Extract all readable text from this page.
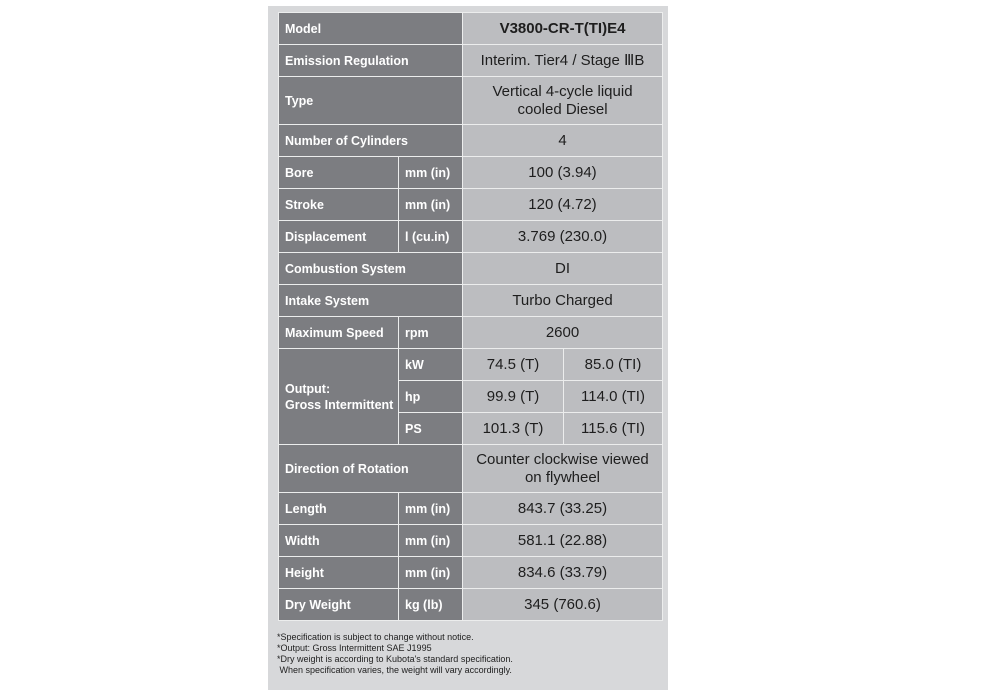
Model		V3800-CR-T(TI)E4	
Emission Regulation		Interim. Tier4 / Stage ⅢB	
Type		Vertical 4-cycle liquid
cooled Diesel	

Number of Cylinders		4	
Bore	mm (in)	100 (3.94)	
Stroke	mm (in)	120 (4.72)	
Displacement	l (cu.in)	3.769 (230.0)	
Combustion System		DI	
Intake System		Turbo Charged	
Maximum Speed	rpm	2600	

Output:
Gross Intermittent	kW	74.5 (T)	85.0 (TI)
	hp	99.9 (T)	114.0 (TI)
	PS	101.3 (T)	115.6 (TI)
Direction of Rotation		Counter clockwise viewed
on flywheel	

Length	mm (in)	843.7 (33.25)	
Width	mm (in)	581.1 (22.88)	
Height	mm (in)	834.6 (33.79)	
Dry Weight	kg (lb)	345 (760.6)	
*Specification is subject to change without notice.
*Output: Gross Intermittent SAE J1995
*Dry weight is according to Kubota's standard specification.
When specification varies, the weight will vary accordingly.
